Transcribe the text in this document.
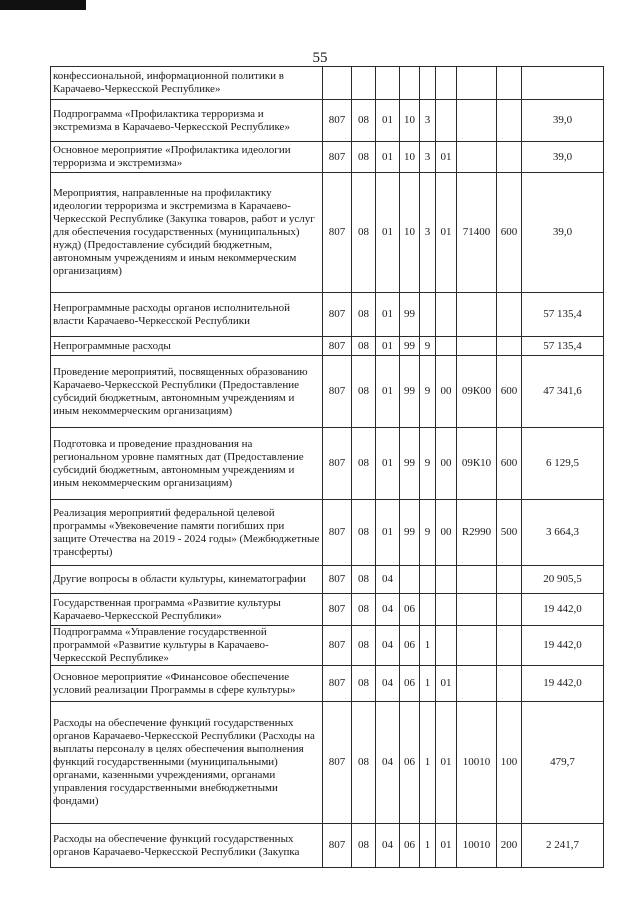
55
конфессиональной, информационной политики в Карачаево-Черкесской Республике»									
Подпрограмма «Профилактика терроризма и экстремизма в Карачаево-Черкесской Республике»	807	08	01	10	3				39,0
Основное мероприятие «Профилактика идеологии терроризма и экстремизма»	807	08	01	10	3	01			39,0
Мероприятия, направленные на профилактику идеологии терроризма и экстремизма в Карачаево-Черкесской Республике (Закупка товаров, работ и услуг для обеспечения государственных (муниципальных) нужд) (Предоставление субсидий бюджетным, автономным учреждениям и иным некоммерческим организациям)	807	08	01	10	3	01	71400	600	39,0
Непрограммные расходы органов исполнительной власти Карачаево-Черкесской Республики	807	08	01	99					57 135,4
Непрограммные расходы	807	08	01	99	9				57 135,4
Проведение мероприятий, посвященных образованию Карачаево-Черкесской Республики (Предоставление субсидий бюджетным, автономным учреждениям и иным некоммерческим организациям)	807	08	01	99	9	00	09К00	600	47 341,6
Подготовка и проведение празднования на региональном уровне памятных дат (Предоставление субсидий бюджетным, автономным учреждениям и иным некоммерческим организациям)	807	08	01	99	9	00	09К10	600	6 129,5
Реализация мероприятий федеральной целевой программы «Увековечение памяти погибших при защите Отечества на 2019 - 2024 годы» (Межбюджетные трансферты)	807	08	01	99	9	00	R2990	500	3 664,3
Другие вопросы в области культуры, кинематографии	807	08	04						20 905,5
Государственная программа «Развитие культуры Карачаево-Черкесской Республики»	807	08	04	06					19 442,0
Подпрограмма «Управление государственной программой «Развитие культуры в Карачаево-Черкесской Республике»	807	08	04	06	1				19 442,0
Основное мероприятие «Финансовое обеспечение условий реализации Программы в сфере культуры»	807	08	04	06	1	01			19 442,0
Расходы на обеспечение функций государственных органов Карачаево-Черкесской Республики (Расходы на выплаты персоналу в целях обеспечения выполнения функций государственными (муниципальными) органами, казенными учреждениями, органами управления государственными внебюджетными фондами)	807	08	04	06	1	01	10010	100	479,7
Расходы на обеспечение функций государственных органов Карачаево-Черкесской Республики (Закупка	807	08	04	06	1	01	10010	200	2 241,7
